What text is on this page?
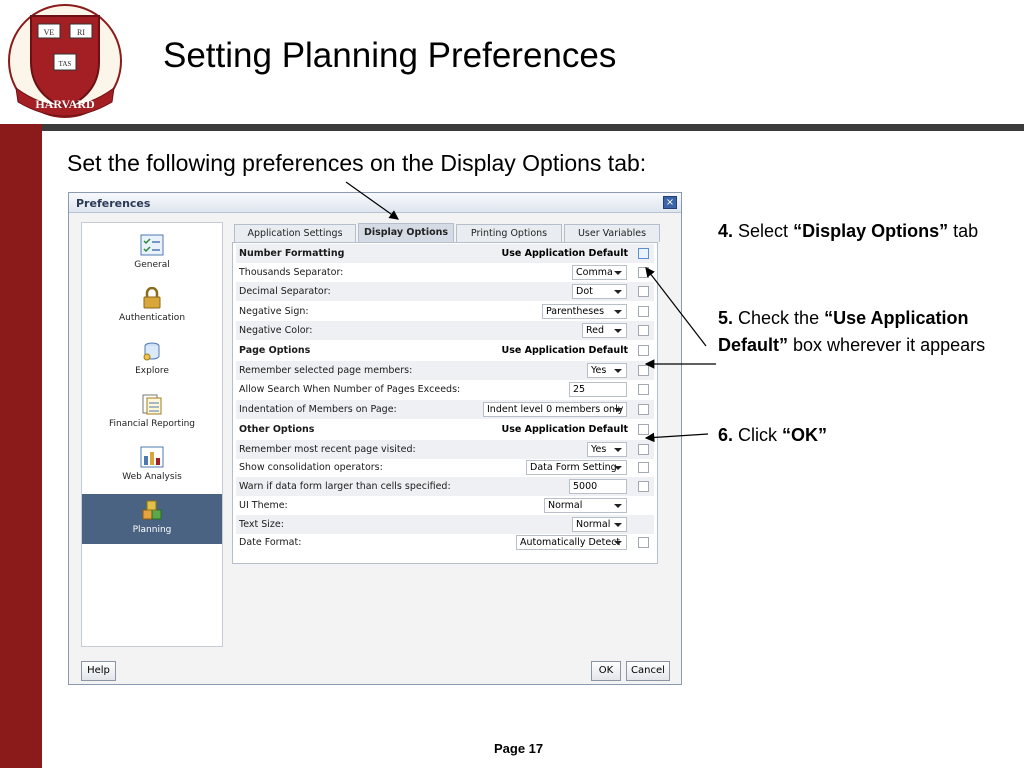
VE	RI
TAS
HARVARD
Setting Planning Preferences
Set the following preferences on the Display Options tab:
Preferences	×
General
Authentication
Explore
Financial Reporting
Web Analysis
Planning
Application Settings	Display Options	Printing Options	User Variables
Number Formatting	Use Application Default
Thousands Separator:	Comma
Decimal Separator:	Dot
Negative Sign:	Parentheses
Negative Color:	Red
Page Options	Use Application Default
Remember selected page members:	Yes
Allow Search When Number of Pages Exceeds:	25
Indentation of Members on Page:	Indent level 0 members only
Other Options	Use Application Default
Remember most recent page visited:	Yes
Show consolidation operators:	Data Form Setting
Warn if data form larger than cells specified:	5000
UI Theme:	Normal
Text Size:	Normal
Date Format:	Automatically Detect
Help	OK	Cancel
4. Select “Display Options” tab
5. Check the “Use Application Default” box wherever it appears
6. Click “OK”
Page 17
